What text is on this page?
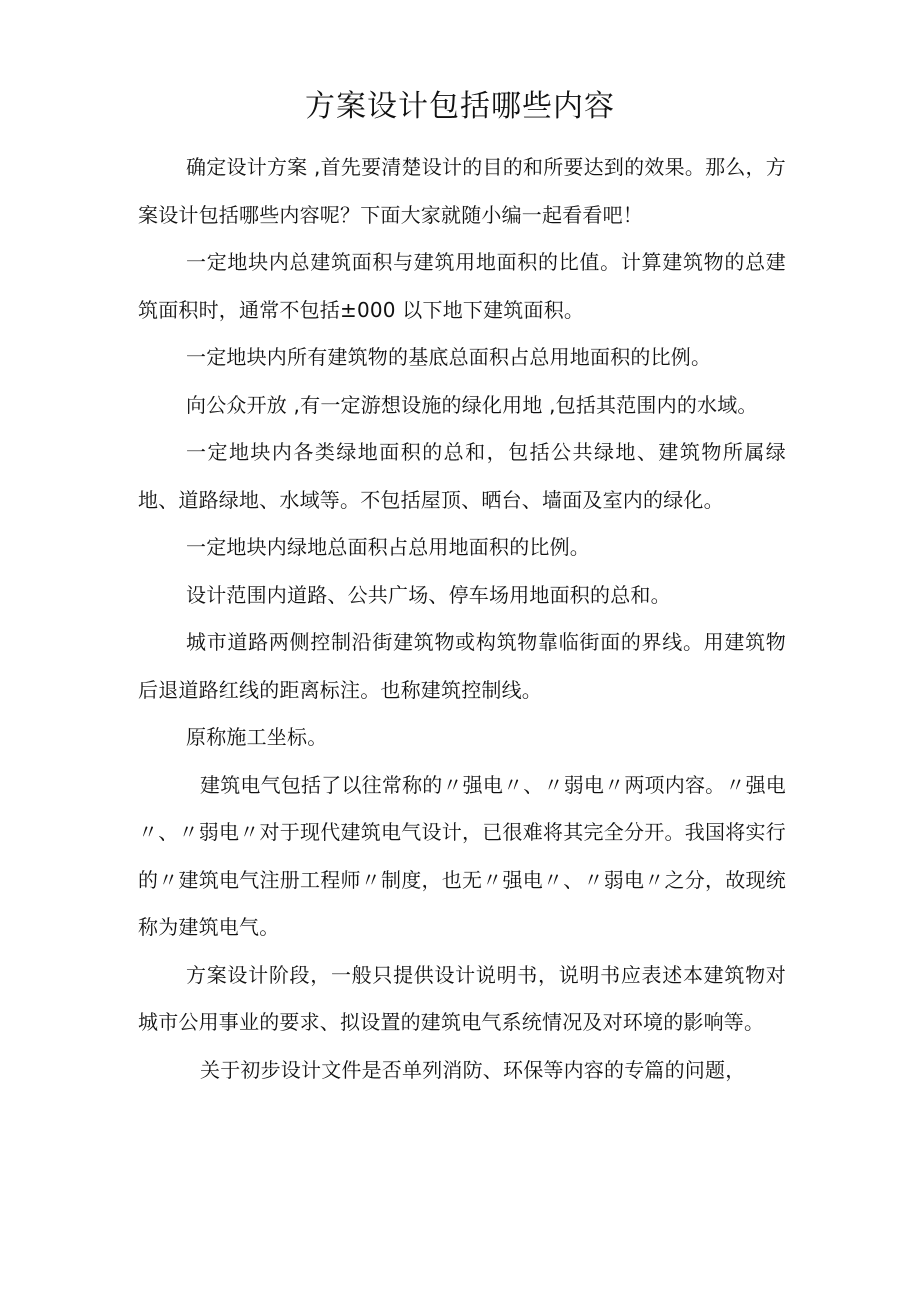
方案设计包括哪些内容

确定设计方案 ,首先要清楚设计的目的和所要达到的效果。那么，方案设计包括哪些内容呢？下面大家就随小编一起看看吧！

一定地块内总建筑面积与建筑用地面积的比值。计算建筑物的总建筑面积时，通常不包括±000 以下地下建筑面积。

一定地块内所有建筑物的基底总面积占总用地面积的比例。

向公众开放 ,有一定游想设施的绿化用地 ,包括其范围内的水域。

一定地块内各类绿地面积的总和，包括公共绿地、建筑物所属绿地、道路绿地、水域等。不包括屋顶、晒台、墙面及室内的绿化。

一定地块内绿地总面积占总用地面积的比例。

设计范围内道路、公共广场、停车场用地面积的总和。

城市道路两侧控制沿街建筑物或构筑物靠临街面的界线。用建筑物后退道路红线的距离标注。也称建筑控制线。

原称施工坐标。

建筑电气包括了以往常称的〃强电〃、〃弱电〃两项内容。〃强电〃、〃弱电〃对于现代建筑电气设计，已很难将其完全分开。我国将实行的〃建筑电气注册工程师〃制度，也无〃强电〃、〃弱电〃之分，故现统称为建筑电气。

方案设计阶段，一般只提供设计说明书，说明书应表述本建筑物对城市公用事业的要求、拟设置的建筑电气系统情况及对环境的影响等。

关于初步设计文件是否单列消防、环保等内容的专篇的问题，
